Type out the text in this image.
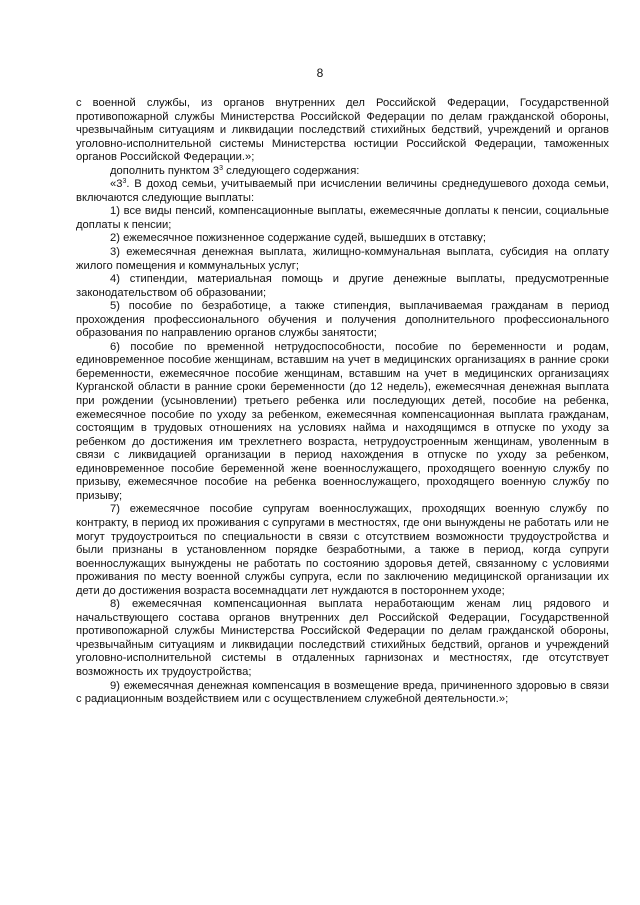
8

с военной службы, из органов внутренних дел Российской Федерации, Государственной противопожарной службы Министерства Российской Федерации по делам гражданской обороны, чрезвычайным ситуациям и ликвидации последствий стихийных бедствий, учреждений и органов уголовно-исполнительной системы Министерства юстиции Российской Федерации, таможенных органов Российской Федерации.»;

дополнить пунктом $3^3$ следующего содержания:

«$3^3$. В доход семьи, учитываемый при исчислении величины среднедушевого дохода семьи, включаются следующие выплаты:

1) все виды пенсий, компенсационные выплаты, ежемесячные доплаты к пенсии, социальные доплаты к пенсии;

2) ежемесячное пожизненное содержание судей, вышедших в отставку;

3) ежемесячная денежная выплата, жилищно-коммунальная выплата, субсидия на оплату жилого помещения и коммунальных услуг;

4) стипендии, материальная помощь и другие денежные выплаты, предусмотренные законодательством об образовании;

5) пособие по безработице, а также стипендия, выплачиваемая гражданам в период прохождения профессионального обучения и получения дополнительного профессионального образования по направлению органов службы занятости;

6) пособие по временной нетрудоспособности, пособие по беременности и родам, единовременное пособие женщинам, вставшим на учет в медицинских организациях в ранние сроки беременности, ежемесячное пособие женщинам, вставшим на учет в медицинских организациях Курганской области в ранние сроки беременности (до 12 недель), ежемесячная денежная выплата при рождении (усыновлении) третьего ребенка или последующих детей, пособие на ребенка, ежемесячное пособие по уходу за ребенком, ежемесячная компенсационная выплата гражданам, состоящим в трудовых отношениях на условиях найма и находящимся в отпуске по уходу за ребенком до достижения им трехлетнего возраста, нетрудоустроенным женщинам, уволенным в связи с ликвидацией организации в период нахождения в отпуске по уходу за ребенком, единовременное пособие беременной жене военнослужащего, проходящего военную службу по призыву, ежемесячное пособие на ребенка военнослужащего, проходящего военную службу по призыву;

7) ежемесячное пособие супругам военнослужащих, проходящих военную службу по контракту, в период их проживания с супругами в местностях, где они вынуждены не работать или не могут трудоустроиться по специальности в связи с отсутствием возможности трудоустройства и были признаны в установленном порядке безработными, а также в период, когда супруги военнослужащих вынуждены не работать по состоянию здоровья детей, связанному с условиями проживания по месту военной службы супруга, если по заключению медицинской организации их дети до достижения возраста восемнадцати лет нуждаются в постороннем уходе;

8) ежемесячная компенсационная выплата неработающим женам лиц рядового и начальствующего состава органов внутренних дел Российской Федерации, Государственной противопожарной службы Министерства Российской Федерации по делам гражданской обороны, чрезвычайным ситуациям и ликвидации последствий стихийных бедствий, органов и учреждений уголовно-исполнительной системы в отдаленных гарнизонах и местностях, где отсутствует возможность их трудоустройства;

9) ежемесячная денежная компенсация в возмещение вреда, причиненного здоровью в связи с радиационным воздействием или с осуществлением служебной деятельности.»;
